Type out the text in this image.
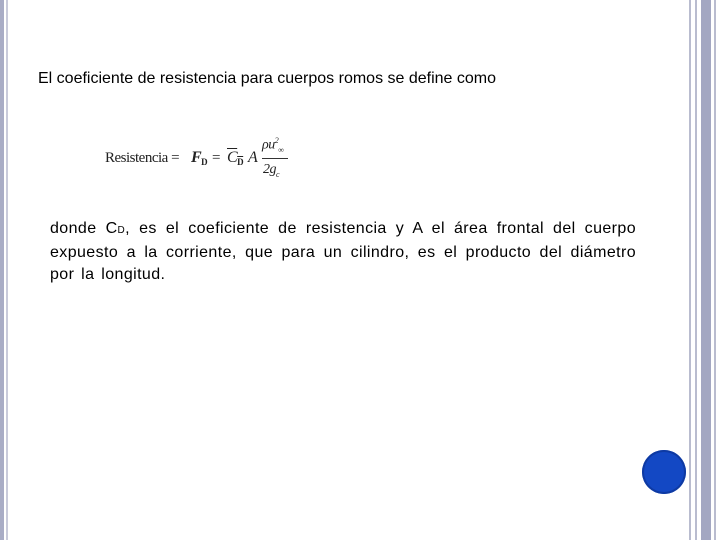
El coeficiente de resistencia para cuerpos romos se define como

Resistencia = FD = CD A
$\rho u^2_\infty$
$2g_c$

donde CD, es el coeficiente de resistencia y A el área frontal del cuerpo expuesto a la corriente, que para un cilindro, es el producto del diámetro por la longitud.
